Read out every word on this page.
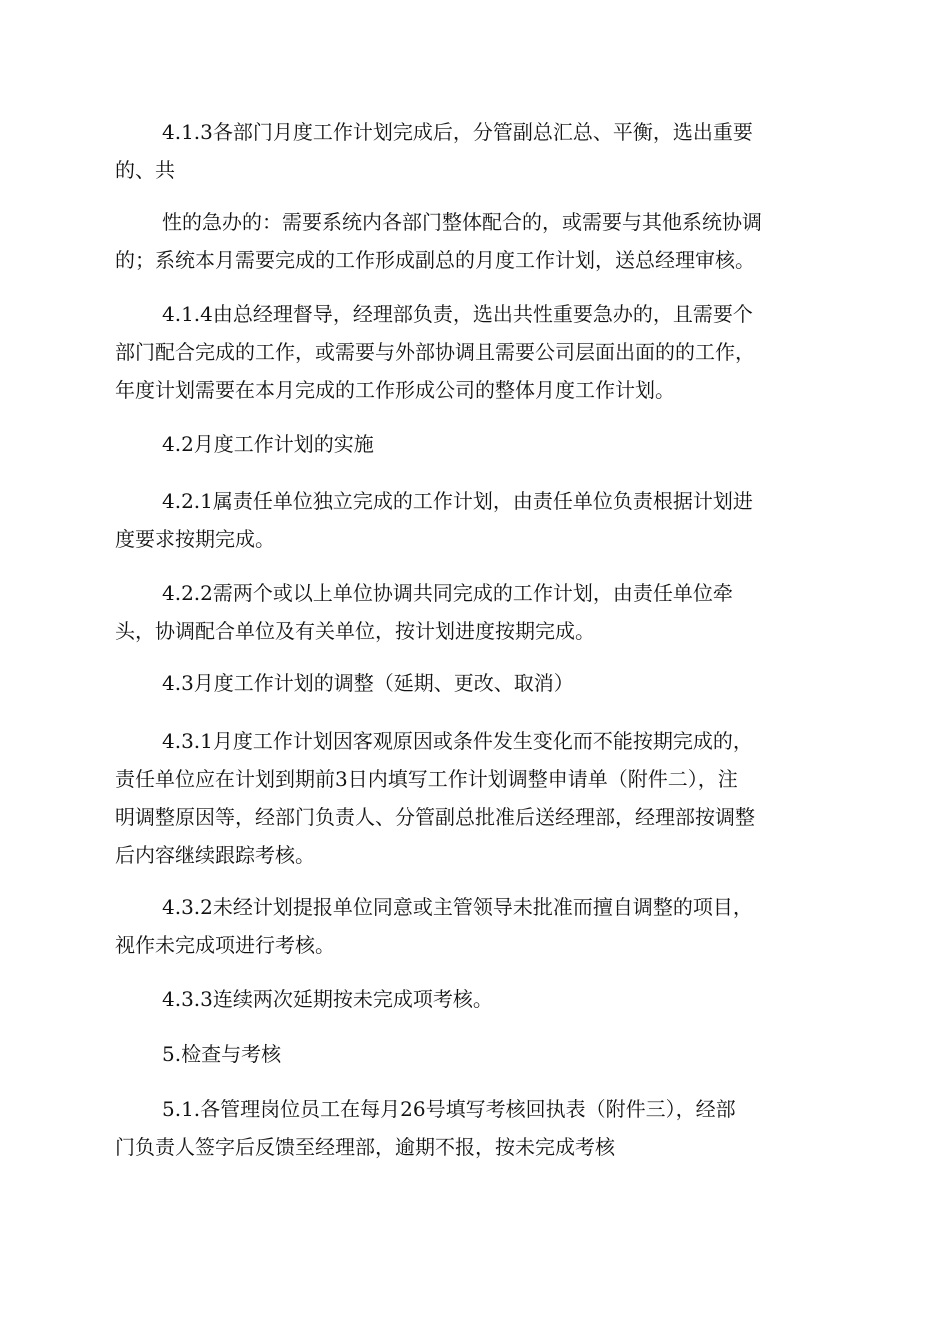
4.1.3各部门月度工作计划完成后，分管副总汇总、平衡，选出重要
的、共
性的急办的：需要系统内各部门整体配合的，或需要与其他系统协调
的；系统本月需要完成的工作形成副总的月度工作计划，送总经理审核。
4.1.4由总经理督导，经理部负责，选出共性重要急办的，且需要个
部门配合完成的工作，或需要与外部协调且需要公司层面出面的的工作，
年度计划需要在本月完成的工作形成公司的整体月度工作计划。
4.2月度工作计划的实施
4.2.1属责任单位独立完成的工作计划，由责任单位负责根据计划进
度要求按期完成。
4.2.2需两个或以上单位协调共同完成的工作计划，由责任单位牵
头，协调配合单位及有关单位，按计划进度按期完成。
4.3月度工作计划的调整（延期、更改、取消）
4.3.1月度工作计划因客观原因或条件发生变化而不能按期完成的，
责任单位应在计划到期前3日内填写工作计划调整申请单（附件二），注
明调整原因等，经部门负责人、分管副总批准后送经理部，经理部按调整
后内容继续跟踪考核。
4.3.2未经计划提报单位同意或主管领导未批准而擅自调整的项目，
视作未完成项进行考核。
4.3.3连续两次延期按未完成项考核。
5.检查与考核
5.1.各管理岗位员工在每月26号填写考核回执表（附件三），经部
门负责人签字后反馈至经理部，逾期不报，按未完成考核
